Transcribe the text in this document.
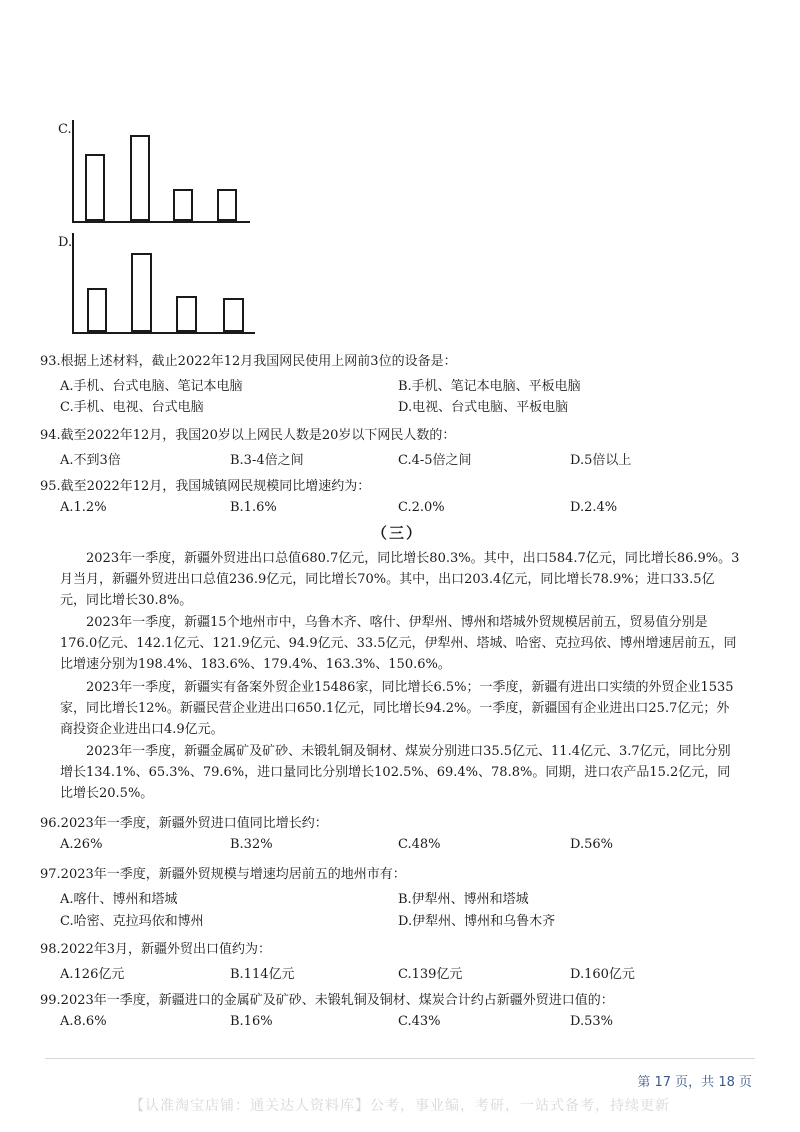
C.
D.
93.根据上述材料，截止2022年12月我国网民使用上网前3位的设备是：
A.手机、台式电脑、笔记本电脑	B.手机、笔记本电脑、平板电脑
C.手机、电视、台式电脑	D.电视、台式电脑、平板电脑
94.截至2022年12月，我国20岁以上网民人数是20岁以下网民人数的：
A.不到3倍	B.3-4倍之间	C.4-5倍之间	D.5倍以上
95.截至2022年12月，我国城镇网民规模同比增速约为：
A.1.2%	B.1.6%	C.2.0%	D.2.4%
（三）
2023年一季度，新疆外贸进出口总值680.7亿元，同比增长80.3%。其中，出口584.7亿元，同比增长86.9%。3月当月，新疆外贸进出口总值236.9亿元，同比增长70%。其中，出口203.4亿元，同比增长78.9%；进口33.5亿元，同比增长30.8%。
2023年一季度，新疆15个地州市中，乌鲁木齐、喀什、伊犁州、博州和塔城外贸规模居前五，贸易值分别是176.0亿元、142.1亿元、121.9亿元、94.9亿元、33.5亿元，伊犁州、塔城、哈密、克拉玛依、博州增速居前五，同比增速分别为198.4%、183.6%、179.4%、163.3%、150.6%。
2023年一季度，新疆实有备案外贸企业15486家，同比增长6.5%；一季度，新疆有进出口实绩的外贸企业1535家，同比增长12%。新疆民营企业进出口650.1亿元，同比增长94.2%。一季度，新疆国有企业进出口25.7亿元；外商投资企业进出口4.9亿元。
2023年一季度，新疆金属矿及矿砂、未锻轧铜及铜材、煤炭分别进口35.5亿元、11.4亿元、3.7亿元，同比分别增长134.1%、65.3%、79.6%，进口量同比分别增长102.5%、69.4%、78.8%。同期，进口农产品15.2亿元，同比增长20.5%。
96.2023年一季度，新疆外贸进口值同比增长约：
A.26%	B.32%	C.48%	D.56%
97.2023年一季度，新疆外贸规模与增速均居前五的地州市有：
A.喀什、博州和塔城	B.伊犁州、博州和塔城
C.哈密、克拉玛依和博州	D.伊犁州、博州和乌鲁木齐
98.2022年3月，新疆外贸出口值约为：
A.126亿元	B.114亿元	C.139亿元	D.160亿元
99.2023年一季度，新疆进口的金属矿及矿砂、未锻轧铜及铜材、煤炭合计约占新疆外贸进口值的：
A.8.6%	B.16%	C.43%	D.53%
第 17 页，共 18 页
【认准淘宝店铺：通关达人资料库】公考，事业编，考研，一站式备考，持续更新
